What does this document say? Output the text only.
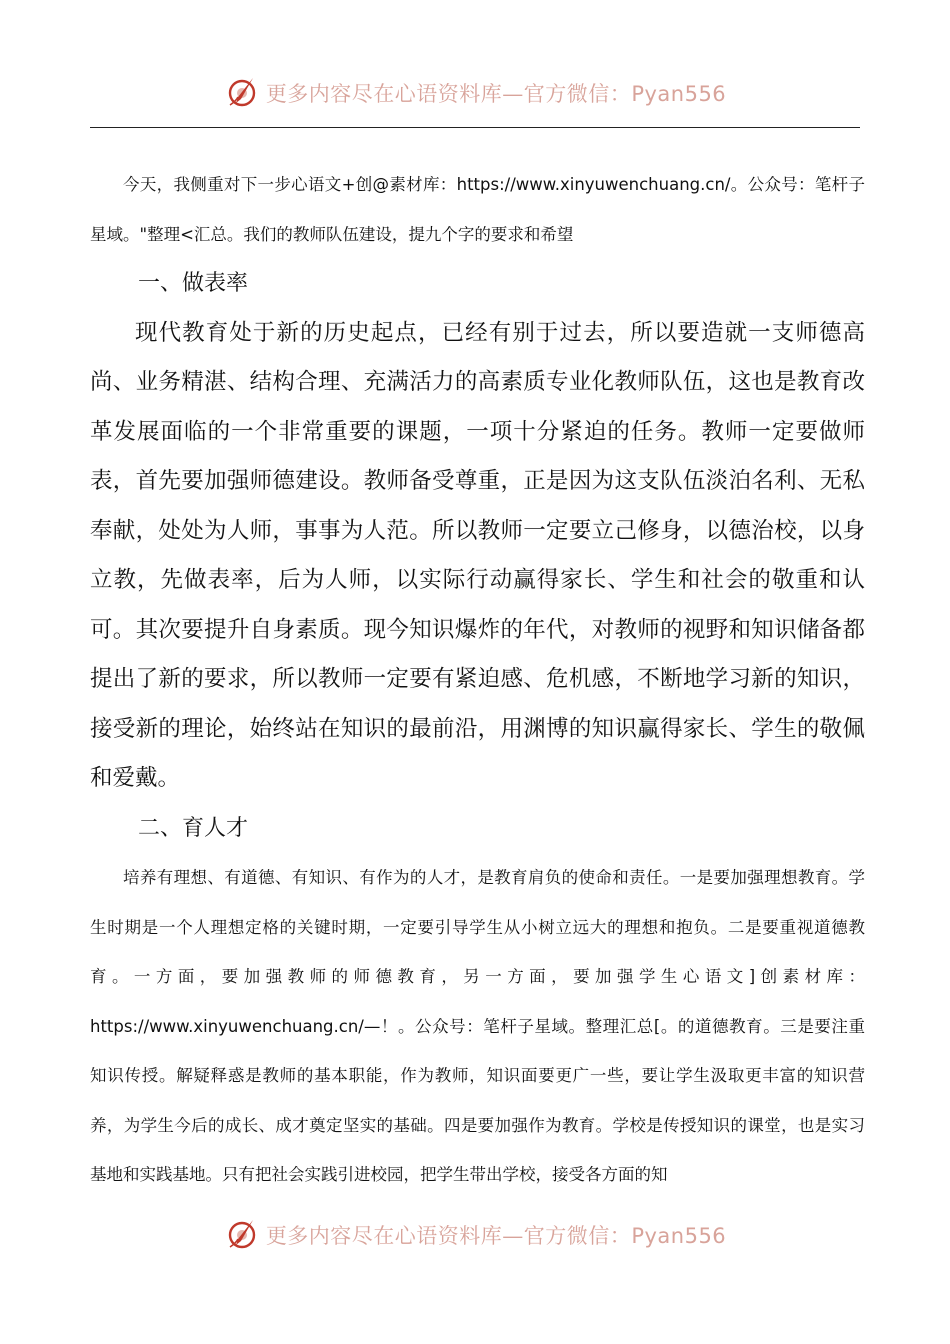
更多内容尽在心语资料库—官方微信：Pyan556

今天，我侧重对下一步心语文+创@素材库：https://www.xinyuwenchuang.cn/。公众号：笔杆子星域。"整理<汇总。我们的教师队伍建设，提九个字的要求和希望

一、做表率

现代教育处于新的历史起点，已经有别于过去，所以要造就一支师德高尚、业务精湛、结构合理、充满活力的高素质专业化教师队伍，这也是教育改革发展面临的一个非常重要的课题，一项十分紧迫的任务。教师一定要做师表，首先要加强师德建设。教师备受尊重，正是因为这支队伍淡泊名利、无私奉献，处处为人师，事事为人范。所以教师一定要立己修身，以德治校，以身立教，先做表率，后为人师，以实际行动赢得家长、学生和社会的敬重和认可。其次要提升自身素质。现今知识爆炸的年代，对教师的视野和知识储备都提出了新的要求，所以教师一定要有紧迫感、危机感，不断地学习新的知识，接受新的理论，始终站在知识的最前沿，用渊博的知识赢得家长、学生的敬佩和爱戴。

二、育人才

培养有理想、有道德、有知识、有作为的人才，是教育肩负的使命和责任。一是要加强理想教育。学生时期是一个人理想定格的关键时期，一定要引导学生从小树立远大的理想和抱负。二是要重视道德教育。一方面，要加强教师的师德教育，另一方面，要加强学生心语文]创素材库：https://www.xinyuwenchuang.cn/—！。公众号：笔杆子星域。整理汇总[。的道德教育。三是要注重知识传授。解疑释惑是教师的基本职能，作为教师，知识面要更广一些，要让学生汲取更丰富的知识营养，为学生今后的成长、成才奠定坚实的基础。四是要加强作为教育。学校是传授知识的课堂，也是实习基地和实践基地。只有把社会实践引进校园，把学生带出学校，接受各方面的知

更多内容尽在心语资料库—官方微信：Pyan556
